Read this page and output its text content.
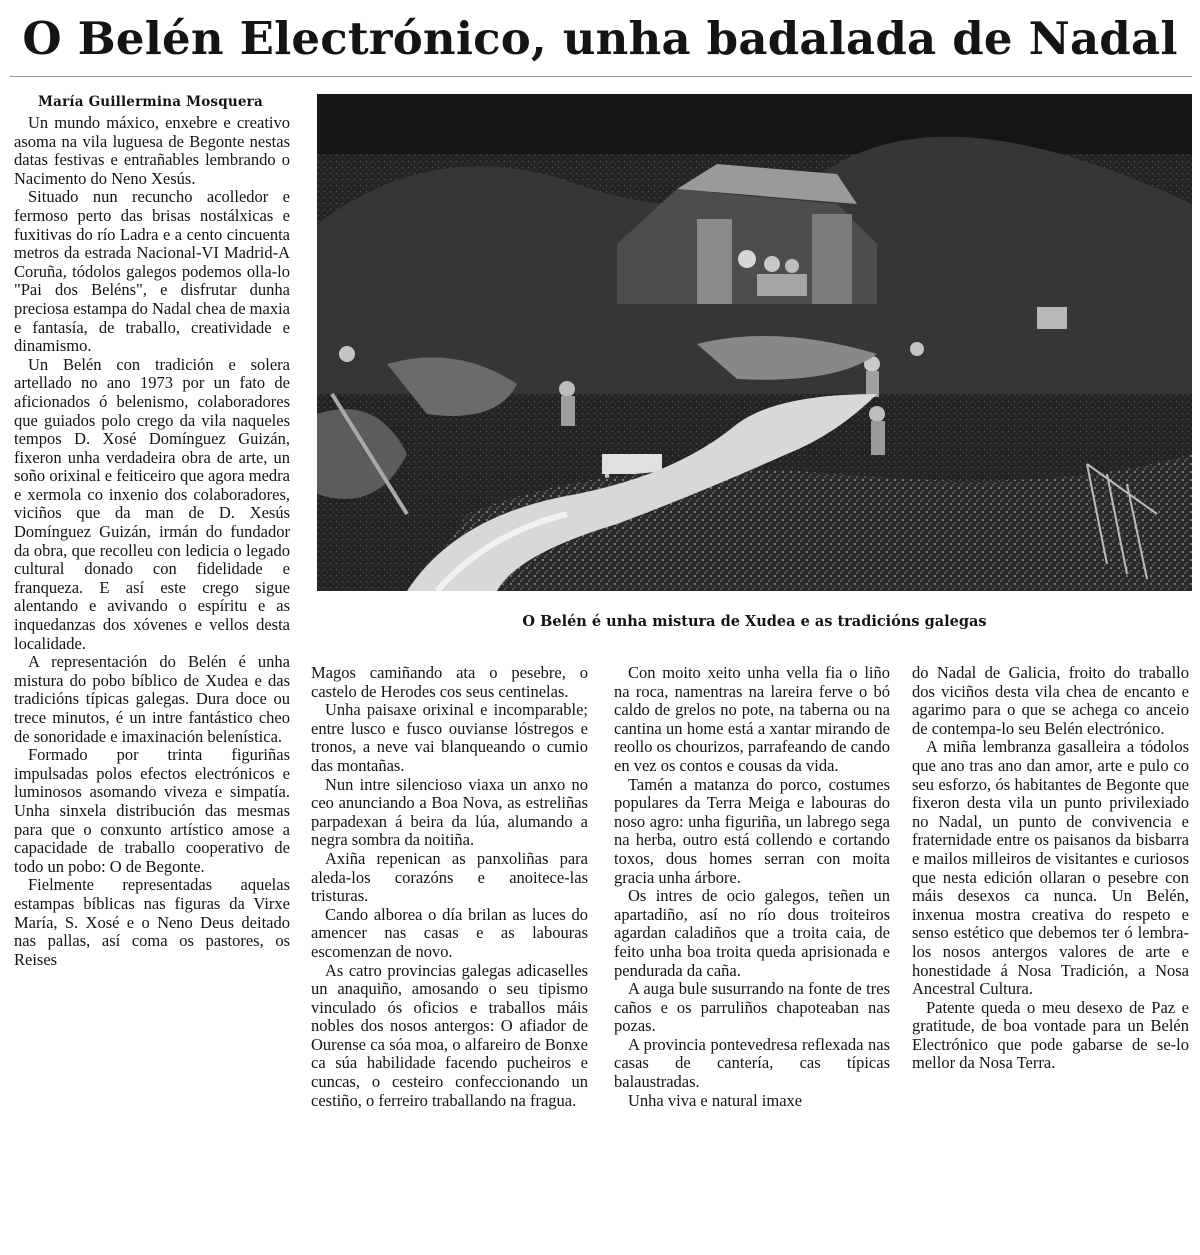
O Belén Electrónico, unha badalada de Nadal

María Guillermina Mosquera

Un mundo máxico, enxebre e creativo asoma na vila luguesa de Begonte nestas datas festivas e entrañables lembrando o Nacimento do Neno Xesús.

Situado nun recuncho acolledor e fermoso perto das brisas nostálxicas e fuxitivas do río Ladra e a cento cincuenta metros da estrada Nacional-VI Madrid-A Coruña, tódolos galegos podemos olla-lo "Pai dos Beléns", e disfrutar dunha preciosa estampa do Nadal chea de maxia e fantasía, de traballo, creatividade e dinamismo.

Un Belén con tradición e solera artellado no ano 1973 por un fato de aficionados ó belenismo, colaboradores que guiados polo crego da vila naqueles tempos D. Xosé Domínguez Guizán, fixeron unha verdadeira obra de arte, un soño orixinal e feiticeiro que agora medra e xermola co inxenio dos colaboradores, viciños que da man de D. Xesús Domínguez Guizán, irmán do fundador da obra, que recolleu con ledicia o legado cultural donado con fidelidade e franqueza. E así este crego sigue alentando e avivando o espíritu e as inquedanzas dos xóvenes e vellos desta localidade.

A representación do Belén é unha mistura do pobo bíblico de Xudea e das tradicións típicas galegas. Dura doce ou trece minutos, é un intre fantástico cheo de sonoridade e imaxinación belenística.

Formado por trinta figuriñas impulsadas polos efectos electrónicos e luminosos asomando viveza e simpatía. Unha sinxela distribución das mesmas para que o conxunto artístico amose a capacidade de traballo cooperativo de todo un pobo: O de Begonte.

Fielmente representadas aquelas estampas bíblicas nas figuras da Virxe María, S. Xosé e o Neno Deus deitado nas pallas, así coma os pastores, os Reises

O Belén é unha mistura de Xudea e as tradicións galegas

Magos camiñando ata o pesebre, o castelo de Herodes cos seus centinelas.

Unha paisaxe orixinal e incomparable; entre lusco e fusco ouvianse lóstregos e tronos, a neve vai blanqueando o cumio das montañas.

Nun intre silencioso viaxa un anxo no ceo anunciando a Boa Nova, as estreliñas parpadexan á beira da lúa, alumando a negra sombra da noitiña.

Axiña repenican as panxoliñas para aleda-los corazóns e anoitece-las tristuras.

Cando alborea o día brilan as luces do amencer nas casas e as labouras escomenzan de novo.

As catro provincias galegas adicaselles un anaquiño, amosando o seu tipismo vinculado ós oficios e traballos máis nobles dos nosos antergos: O afiador de Ourense ca sóa moa, o alfareiro de Bonxe ca súa habilidade facendo pucheiros e cuncas, o cesteiro confeccionando un cestiño, o ferreiro traballando na fragua.

Con moito xeito unha vella fia o liño na roca, namentras na lareira ferve o bó caldo de grelos no pote, na taberna ou na cantina un home está a xantar mirando de reollo os chourizos, parrafeando de cando en vez os contos e cousas da vida.

Tamén a matanza do porco, costumes populares da Terra Meiga e labouras do noso agro: unha figuriña, un labrego sega na herba, outro está collendo e cortando toxos, dous homes serran con moita gracia unha árbore.

Os intres de ocio galegos, teñen un apartadiño, así no río dous troiteiros agardan caladiños que a troita caia, de feito unha boa troita queda aprisionada e pendurada da caña.

A auga bule susurrando na fonte de tres caños e os parruliños chapoteaban nas pozas.

A provincia pontevedresa reflexada nas casas de cantería, cas típicas balaustradas.

Unha viva e natural imaxe

do Nadal de Galicia, froito do traballo dos viciños desta vila chea de encanto e agarimo para o que se achega co anceio de contempa-lo seu Belén electrónico.

A miña lembranza gasalleira a tódolos que ano tras ano dan amor, arte e pulo co seu esforzo, ós habitantes de Begonte que fixeron desta vila un punto privilexiado no Nadal, un punto de convivencia e fraternidade entre os paisanos da bisbarra e mailos milleiros de visitantes e curiosos que nesta edición ollaran o pesebre con máis desexos ca nunca. Un Belén, inxenua mostra creativa do respeto e senso estético que debemos ter ó lembra-los nosos antergos valores de arte e honestidade á Nosa Tradición, a Nosa Ancestral Cultura.

Patente queda o meu desexo de Paz e gratitude, de boa vontade para un Belén Electrónico que pode gabarse de se-lo mellor da Nosa Terra.
